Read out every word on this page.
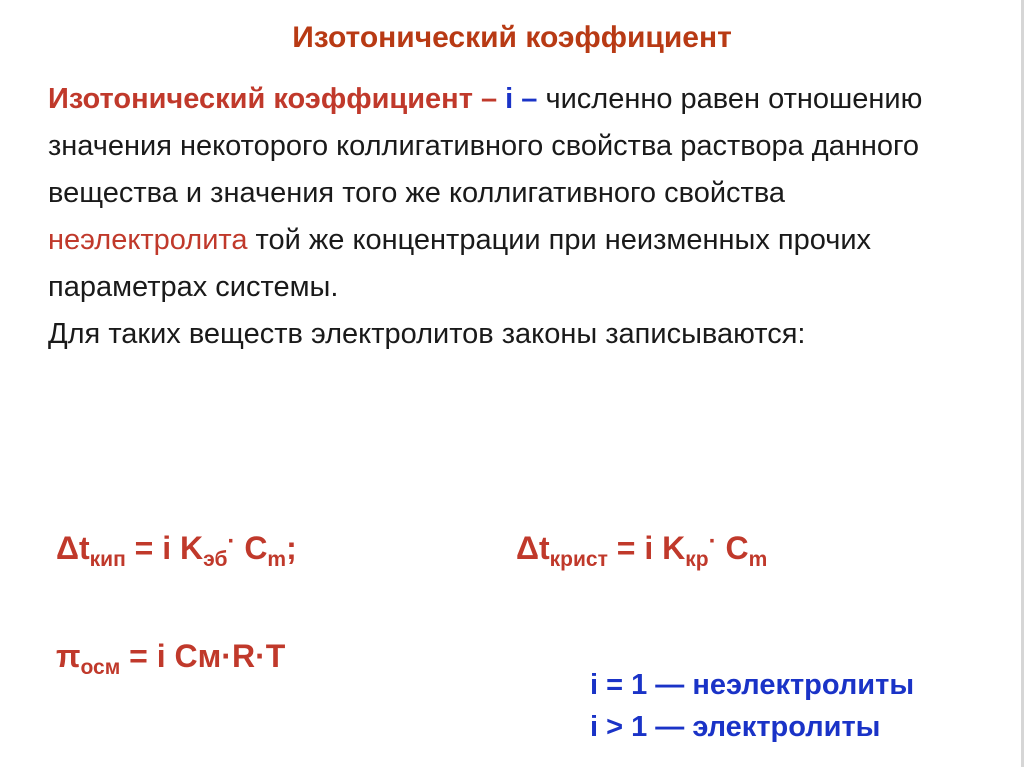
Изотонический коэффициент
Изотонический коэффициент – i – численно равен отношению значения некоторого коллигативного свойства раствора данного вещества и значения того же коллигативного свойства неэлектролита той же концентрации при неизменных прочих параметрах системы.
Для таких веществ электролитов законы записываются:
$\Delta t_{кип} = i$ $K_{эб}^\cdot$ $C_m$;	$\Delta t_{крист} = i$ $K_{кр}^\cdot$ $C_m$
$\pi_{осм} = i$ Cм·R·T
i = 1 — неэлектролиты
i > 1 — электролиты
